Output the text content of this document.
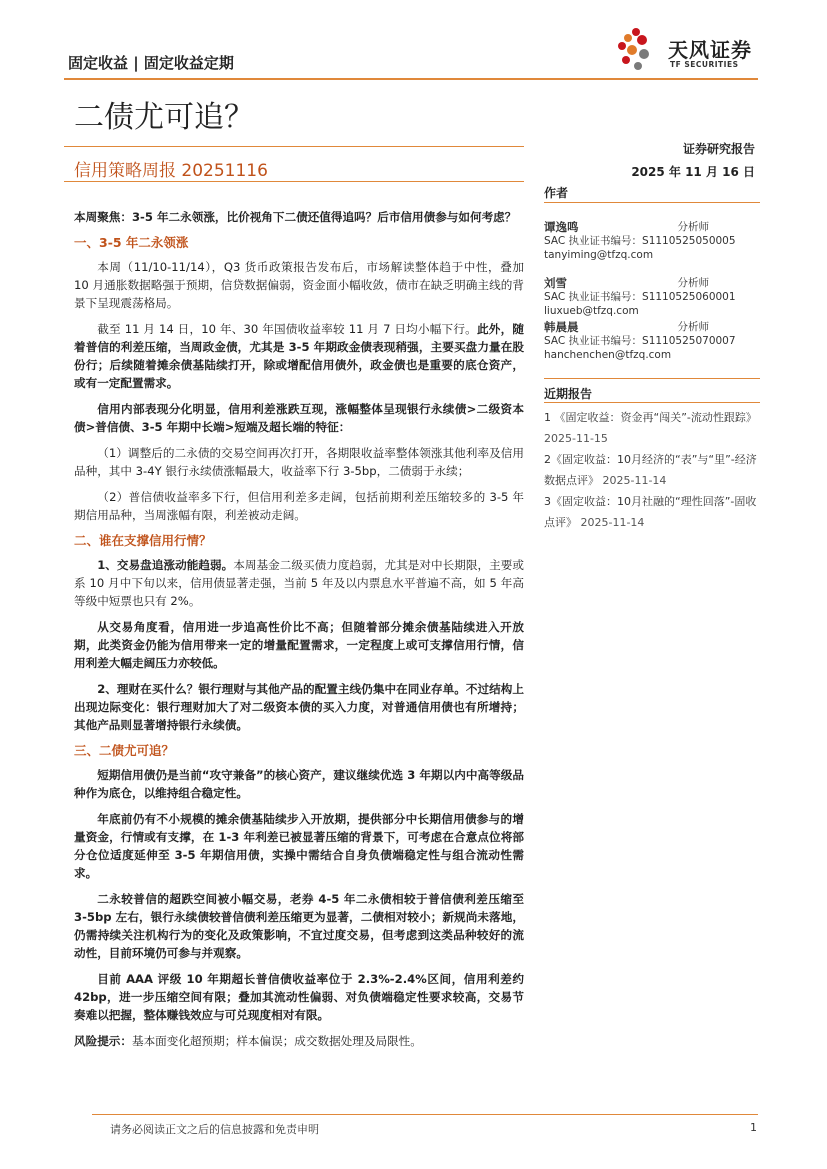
固定收益 | 固定收益定期
天风证券
TF SECURITIES
二债尤可追？
信用策略周报 20251116
证券研究报告
2025 年 11 月 16 日
作者
谭逸鸣	分析师
SAC 执业证书编号：S1110525050005
tanyiming@tfzq.com
刘雪	分析师
SAC 执业证书编号：S1110525060001
liuxueb@tfzq.com
韩晨晨	分析师
SAC 执业证书编号：S1110525070007
hanchenchen@tfzq.com
近期报告
1 《固定收益：资金再“闯关”-流动性跟踪》 2025-11-15
2《固定收益：10月经济的“表”与“里”-经济数据点评》 2025-11-14
3《固定收益：10月社融的“理性回落”-固收点评》 2025-11-14

本周聚焦：3-5 年二永领涨，比价视角下二债还值得追吗？后市信用债参与如何考虑？

一、3-5 年二永领涨

本周（11/10-11/14），Q3 货币政策报告发布后，市场解读整体趋于中性，叠加 10 月通胀数据略强于预期，信贷数据偏弱，资金面小幅收敛，债市在缺乏明确主线的背景下呈现震荡格局。

截至 11 月 14 日，10 年、30 年国债收益率较 11 月 7 日均小幅下行。此外，随着普信的利差压缩，当周政金债，尤其是 3-5 年期政金债表现稍强，主要买盘力量在股份行；后续随着摊余债基陆续打开，除或增配信用债外，政金债也是重要的底仓资产，或有一定配置需求。

信用内部表现分化明显，信用利差涨跌互现，涨幅整体呈现银行永续债>二级资本债>普信债、3-5 年期中长端>短端及超长端的特征：

（1）调整后的二永债的交易空间再次打开，各期限收益率整体领涨其他利率及信用品种，其中 3-4Y 银行永续债涨幅最大，收益率下行 3-5bp，二债弱于永续；

（2）普信债收益率多下行，但信用利差多走阔，包括前期利差压缩较多的 3-5 年期信用品种，当周涨幅有限，利差被动走阔。

二、谁在支撑信用行情？

1、交易盘追涨动能趋弱。本周基金二级买债力度趋弱，尤其是对中长期限，主要或系 10 月中下旬以来，信用债显著走强，当前 5 年及以内票息水平普遍不高，如 5 年高等级中短票也只有 2%。

从交易角度看，信用进一步追高性价比不高；但随着部分摊余债基陆续进入开放期，此类资金仍能为信用带来一定的增量配置需求，一定程度上或可支撑信用行情，信用利差大幅走阔压力亦较低。

2、理财在买什么？银行理财与其他产品的配置主线仍集中在同业存单。不过结构上出现边际变化：银行理财加大了对二级资本债的买入力度，对普通信用债也有所增持；其他产品则显著增持银行永续债。

三、二债尤可追？

短期信用债仍是当前“攻守兼备”的核心资产，建议继续优选 3 年期以内中高等级品种作为底仓，以维持组合稳定性。

年底前仍有不小规模的摊余债基陆续步入开放期，提供部分中长期信用债参与的增量资金，行情或有支撑，在 1-3 年利差已被显著压缩的背景下，可考虑在合意点位将部分仓位适度延伸至 3-5 年期信用债，实操中需结合自身负债端稳定性与组合流动性需求。

二永较普信的超跌空间被小幅交易，老券 4-5 年二永债相较于普信债利差压缩至 3-5bp 左右，银行永续债较普信债利差压缩更为显著，二债相对较小；新规尚未落地，仍需持续关注机构行为的变化及政策影响，不宜过度交易，但考虑到这类品种较好的流动性，目前环境仍可参与并观察。

目前 AAA 评级 10 年期超长普信债收益率位于 2.3%-2.4%区间，信用利差约 42bp，进一步压缩空间有限；叠加其流动性偏弱、对负债端稳定性要求较高，交易节奏难以把握，整体赚钱效应与可兑现度相对有限。

风险提示：基本面变化超预期；样本偏误；成交数据处理及局限性。

请务必阅读正文之后的信息披露和免责申明	1
